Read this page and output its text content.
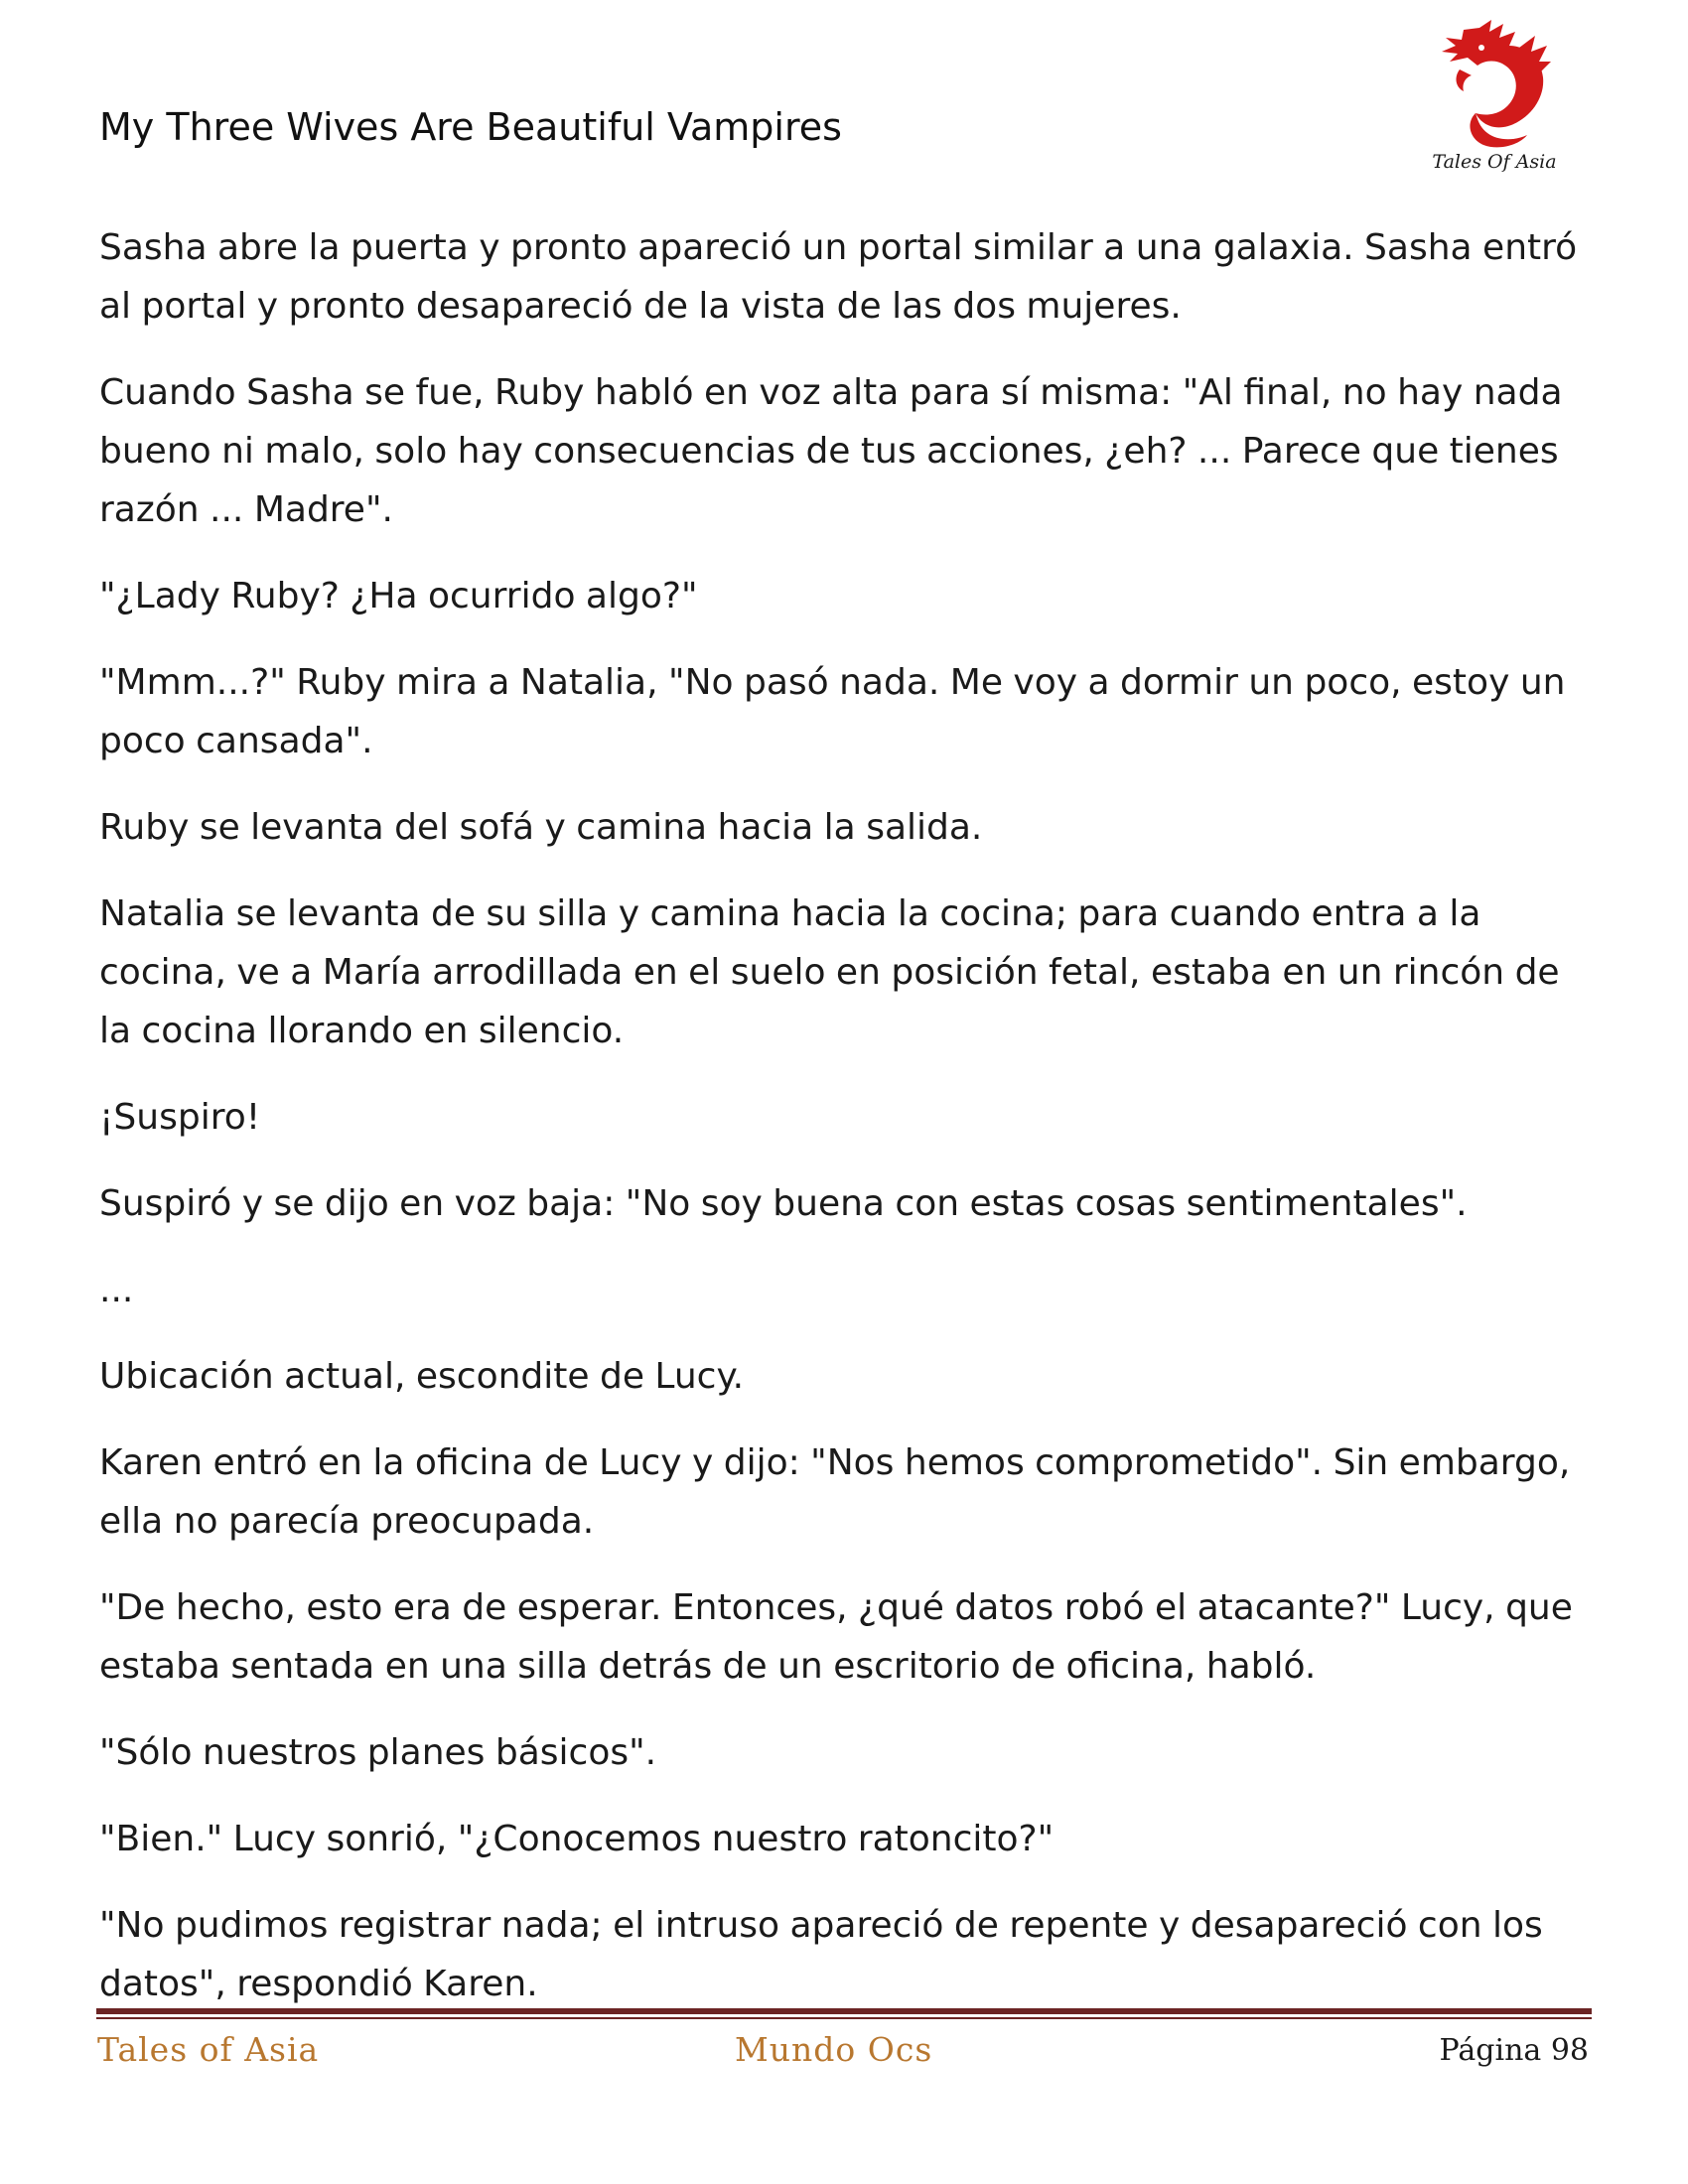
My Three Wives Are Beautiful Vampires
Tales Of Asia

Sasha abre la puerta y pronto apareció un portal similar a una galaxia. Sasha entró al portal y pronto desapareció de la vista de las dos mujeres.

Cuando Sasha se fue, Ruby habló en voz alta para sí misma: "Al final, no hay nada bueno ni malo, solo hay consecuencias de tus acciones, ¿eh? ... Parece que tienes razón ... Madre".

"¿Lady Ruby? ¿Ha ocurrido algo?"

"Mmm...?" Ruby mira a Natalia, "No pasó nada. Me voy a dormir un poco, estoy un poco cansada".

Ruby se levanta del sofá y camina hacia la salida.

Natalia se levanta de su silla y camina hacia la cocina; para cuando entra a la cocina, ve a María arrodillada en el suelo en posición fetal, estaba en un rincón de la cocina llorando en silencio.

¡Suspiro!

Suspiró y se dijo en voz baja: "No soy buena con estas cosas sentimentales".

...

Ubicación actual, escondite de Lucy.

Karen entró en la oficina de Lucy y dijo: "Nos hemos comprometido". Sin embargo, ella no parecía preocupada.

"De hecho, esto era de esperar. Entonces, ¿qué datos robó el atacante?" Lucy, que estaba sentada en una silla detrás de un escritorio de oficina, habló.

"Sólo nuestros planes básicos".

"Bien." Lucy sonrió, "¿Conocemos nuestro ratoncito?"

"No pudimos registrar nada; el intruso apareció de repente y desapareció con los datos", respondió Karen.

Tales of Asia	Mundo Ocs	Página 98
